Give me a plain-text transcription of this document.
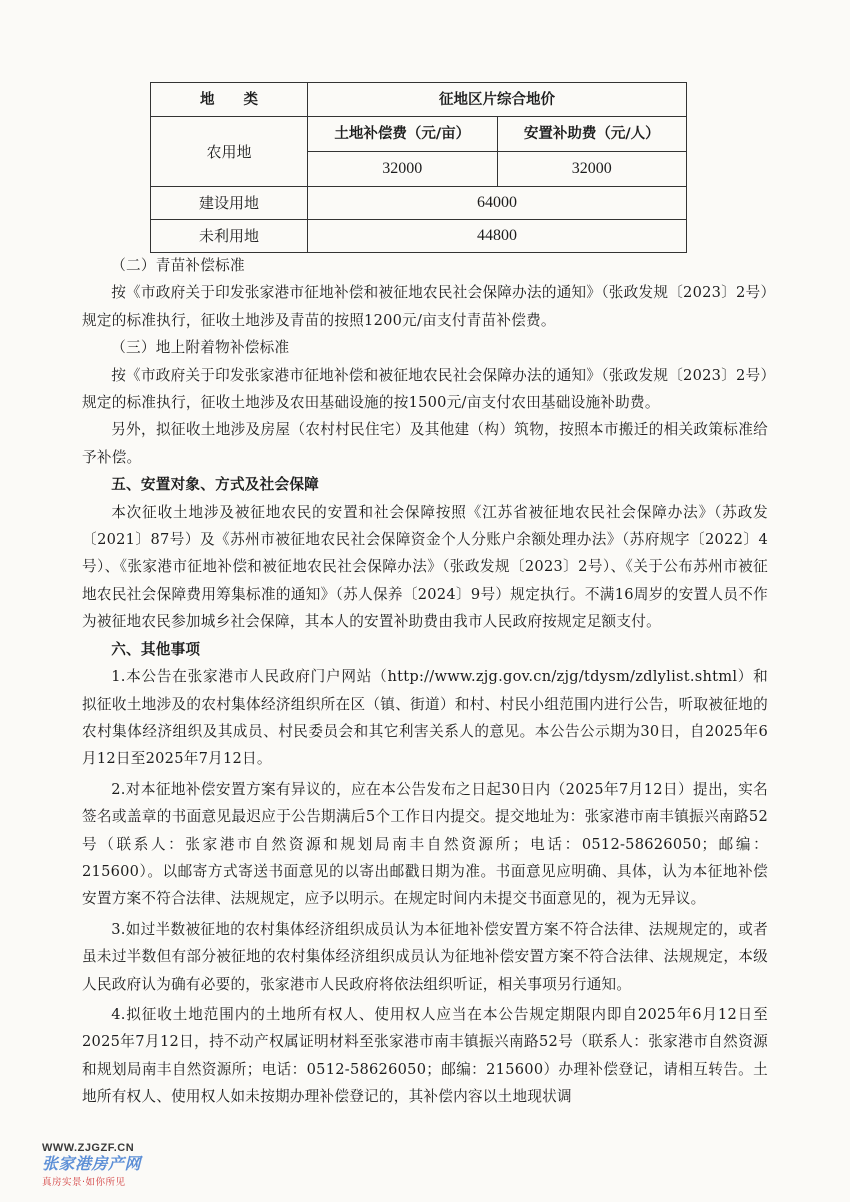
地　　类	征地区片综合地价	
农用地	土地补偿费（元/亩）	安置补助费（元/人）
	32000	32000
建设用地	64000	
未利用地	44800	

（二）青苗补偿标准

按《市政府关于印发张家港市征地补偿和被征地农民社会保障办法的通知》（张政发规〔2023〕2号）规定的标准执行，征收土地涉及青苗的按照1200元/亩支付青苗补偿费。

（三）地上附着物补偿标准

按《市政府关于印发张家港市征地补偿和被征地农民社会保障办法的通知》（张政发规〔2023〕2号）规定的标准执行，征收土地涉及农田基础设施的按1500元/亩支付农田基础设施补助费。

另外，拟征收土地涉及房屋（农村村民住宅）及其他建（构）筑物，按照本市搬迁的相关政策标准给予补偿。

五、安置对象、方式及社会保障

本次征收土地涉及被征地农民的安置和社会保障按照《江苏省被征地农民社会保障办法》（苏政发〔2021〕87号）及《苏州市被征地农民社会保障资金个人分账户余额处理办法》（苏府规字〔2022〕4号）、《张家港市征地补偿和被征地农民社会保障办法》（张政发规〔2023〕2号）、《关于公布苏州市被征地农民社会保障费用筹集标准的通知》（苏人保养〔2024〕9号）规定执行。不满16周岁的安置人员不作为被征地农民参加城乡社会保障，其本人的安置补助费由我市人民政府按规定足额支付。

六、其他事项

1.本公告在张家港市人民政府门户网站（http://www.zjg.gov.cn/zjg/tdysm/zdlylist.shtml）和拟征收土地涉及的农村集体经济组织所在区（镇、街道）和村、村民小组范围内进行公告，听取被征地的农村集体经济组织及其成员、村民委员会和其它利害关系人的意见。本公告公示期为30日，自2025年6月12日至2025年7月12日。

2.对本征地补偿安置方案有异议的，应在本公告发布之日起30日内（2025年7月12日）提出，实名签名或盖章的书面意见最迟应于公告期满后5个工作日内提交。提交地址为：张家港市南丰镇振兴南路52号（联系人：张家港市自然资源和规划局南丰自然资源所；电话：0512-58626050；邮编：215600）。以邮寄方式寄送书面意见的以寄出邮戳日期为准。书面意见应明确、具体，认为本征地补偿安置方案不符合法律、法规规定，应予以明示。在规定时间内未提交书面意见的，视为无异议。

3.如过半数被征地的农村集体经济组织成员认为本征地补偿安置方案不符合法律、法规规定的，或者虽未过半数但有部分被征地的农村集体经济组织成员认为征地补偿安置方案不符合法律、法规规定，本级人民政府认为确有必要的，张家港市人民政府将依法组织听证，相关事项另行通知。

4.拟征收土地范围内的土地所有权人、使用权人应当在本公告规定期限内即自2025年6月12日至2025年7月12日，持不动产权属证明材料至张家港市南丰镇振兴南路52号（联系人：张家港市自然资源和规划局南丰自然资源所；电话：0512-58626050；邮编：215600）办理补偿登记，请相互转告。土地所有权人、使用权人如未按期办理补偿登记的，其补偿内容以土地现状调

WWW.ZJGZF.CN
张家港房产网
真房实景·如你所见
